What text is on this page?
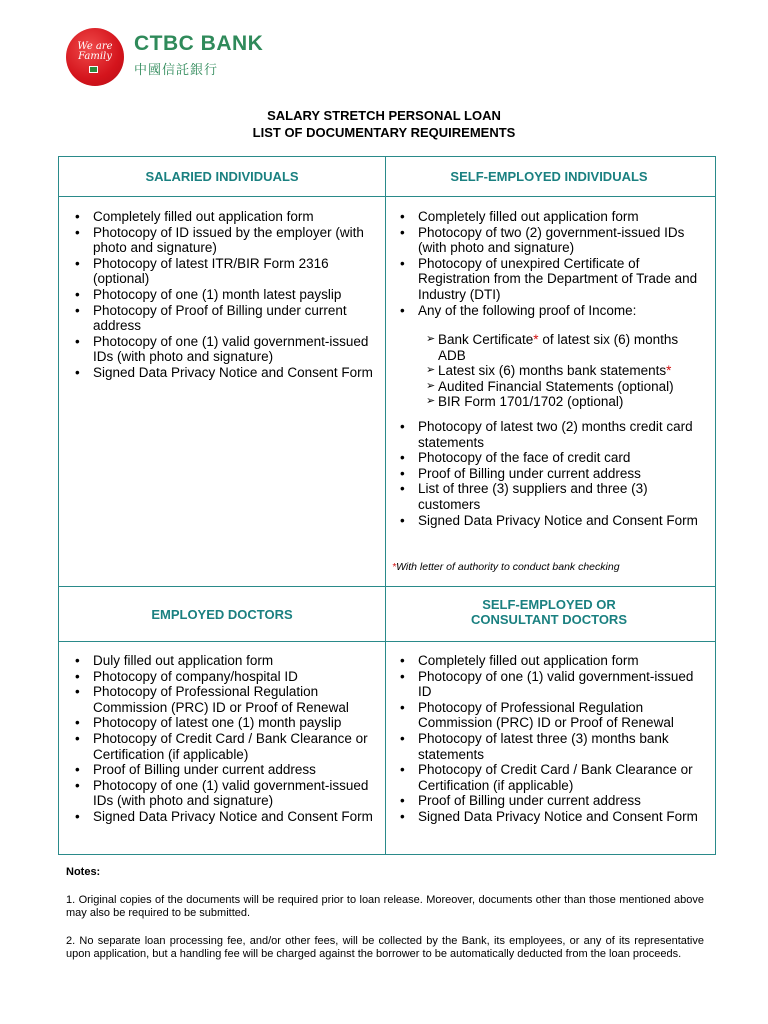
We are Family
CTBC BANK
中國信託銀行
SALARY STRETCH PERSONAL LOAN
LIST OF DOCUMENTARY REQUIREMENTS
SALARIED INDIVIDUALS	SELF-EMPLOYED INDIVIDUALS
• Completely filled out application form
• Photocopy of ID issued by the employer (with photo and signature)
• Photocopy of latest ITR/BIR Form 2316 (optional)
• Photocopy of one (1) month latest payslip
• Photocopy of Proof of Billing under current address
• Photocopy of one (1) valid government-issued IDs (with photo and signature)
• Signed Data Privacy Notice and Consent Form
• Completely filled out application form
• Photocopy of two (2) government-issued IDs (with photo and signature)
• Photocopy of unexpired Certificate of Registration from the Department of Trade and Industry (DTI)
• Any of the following proof of Income:
➢ Bank Certificate* of latest six (6) months ADB
➢ Latest six (6) months bank statements*
➢ Audited Financial Statements (optional)
➢ BIR Form 1701/1702 (optional)
• Photocopy of latest two (2) months credit card statements
• Photocopy of the face of credit card
• Proof of Billing under current address
• List of three (3) suppliers and three (3) customers
• Signed Data Privacy Notice and Consent Form
*With letter of authority to conduct bank checking
EMPLOYED DOCTORS
SELF-EMPLOYED OR
CONSULTANT DOCTORS
• Duly filled out application form
• Photocopy of company/hospital ID
• Photocopy of Professional Regulation Commission (PRC) ID or Proof of Renewal
• Photocopy of latest one (1) month payslip
• Photocopy of Credit Card / Bank Clearance or Certification (if applicable)
• Proof of Billing under current address
• Photocopy of one (1) valid government-issued IDs (with photo and signature)
• Signed Data Privacy Notice and Consent Form
• Completely filled out application form
• Photocopy of one (1) valid government-issued ID
• Photocopy of Professional Regulation Commission (PRC) ID or Proof of Renewal
• Photocopy of latest three (3) months bank statements
• Photocopy of Credit Card / Bank Clearance or Certification (if applicable)
• Proof of Billing under current address
• Signed Data Privacy Notice and Consent Form
Notes:
1. Original copies of the documents will be required prior to loan release. Moreover, documents other than those mentioned above may also be required to be submitted.
2. No separate loan processing fee, and/or other fees, will be collected by the Bank, its employees, or any of its representative upon application, but a handling fee will be charged against the borrower to be automatically deducted from the loan proceeds.
